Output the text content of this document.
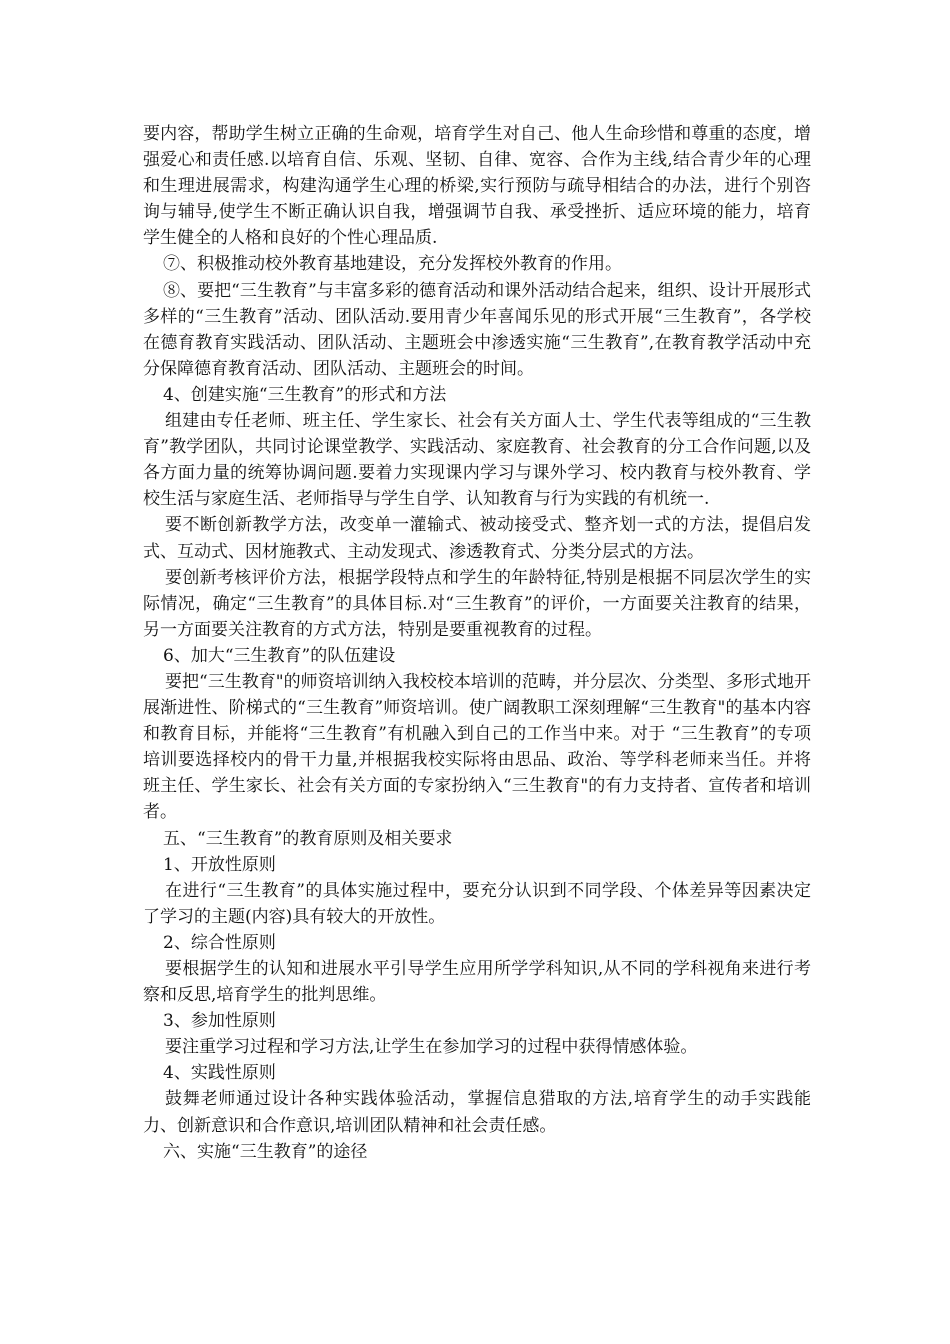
要内容，帮助学生树立正确的生命观，培育学生对自己、他人生命珍惜和尊重的态度，增强爱心和责任感.以培育自信、乐观、坚韧、自律、宽容、合作为主线,结合青少年的心理和生理进展需求，构建沟通学生心理的桥梁,实行预防与疏导相结合的办法，进行个别咨询与辅导,使学生不断正确认识自我，增强调节自我、承受挫折、适应环境的能力，培育学生健全的人格和良好的个性心理品质.

⑦、积极推动校外教育基地建设，充分发挥校外教育的作用。

⑧、要把“三生教育”与丰富多彩的德育活动和课外活动结合起来，组织、设计开展形式多样的“三生教育”活动、团队活动.要用青少年喜闻乐见的形式开展“三生教育”，各学校在德育教育实践活动、团队活动、主题班会中渗透实施“三生教育”,在教育教学活动中充分保障德育教育活动、团队活动、主题班会的时间。

4、创建实施“三生教育”的形式和方法

组建由专任老师、班主任、学生家长、社会有关方面人士、学生代表等组成的“三生教育”教学团队，共同讨论课堂教学、实践活动、家庭教育、社会教育的分工合作问题,以及各方面力量的统筹协调问题.要着力实现课内学习与课外学习、校内教育与校外教育、学校生活与家庭生活、老师指导与学生自学、认知教育与行为实践的有机统一.

要不断创新教学方法，改变单一灌输式、被动接受式、整齐划一式的方法，提倡启发式、互动式、因材施教式、主动发现式、渗透教育式、分类分层式的方法。

要创新考核评价方法，根据学段特点和学生的年龄特征,特别是根据不同层次学生的实际情况，确定“三生教育”的具体目标.对“三生教育”的评价，一方面要关注教育的结果，另一方面要关注教育的方式方法，特别是要重视教育的过程。

6、加大“三生教育”的队伍建设

要把“三生教育"的师资培训纳入我校校本培训的范畴，并分层次、分类型、多形式地开展渐进性、阶梯式的“三生教育”师资培训。使广阔教职工深刻理解“三生教育"的基本内容和教育目标，并能将“三生教育”有机融入到自己的工作当中来。对于 “三生教育”的专项培训要选择校内的骨干力量,并根据我校实际将由思品、政治、等学科老师来当任。并将班主任、学生家长、社会有关方面的专家扮纳入“三生教育"的有力支持者、宣传者和培训者。

五、“三生教育”的教育原则及相关要求

1、开放性原则

在进行“三生教育”的具体实施过程中，要充分认识到不同学段、个体差异等因素决定了学习的主题(内容)具有较大的开放性。

2、综合性原则

要根据学生的认知和进展水平引导学生应用所学学科知识,从不同的学科视角来进行考察和反思,培育学生的批判思维。

3、参加性原则

要注重学习过程和学习方法,让学生在参加学习的过程中获得情感体验。

4、实践性原则

鼓舞老师通过设计各种实践体验活动，掌握信息猎取的方法,培育学生的动手实践能力、创新意识和合作意识,培训团队精神和社会责任感。

六、实施“三生教育”的途径
